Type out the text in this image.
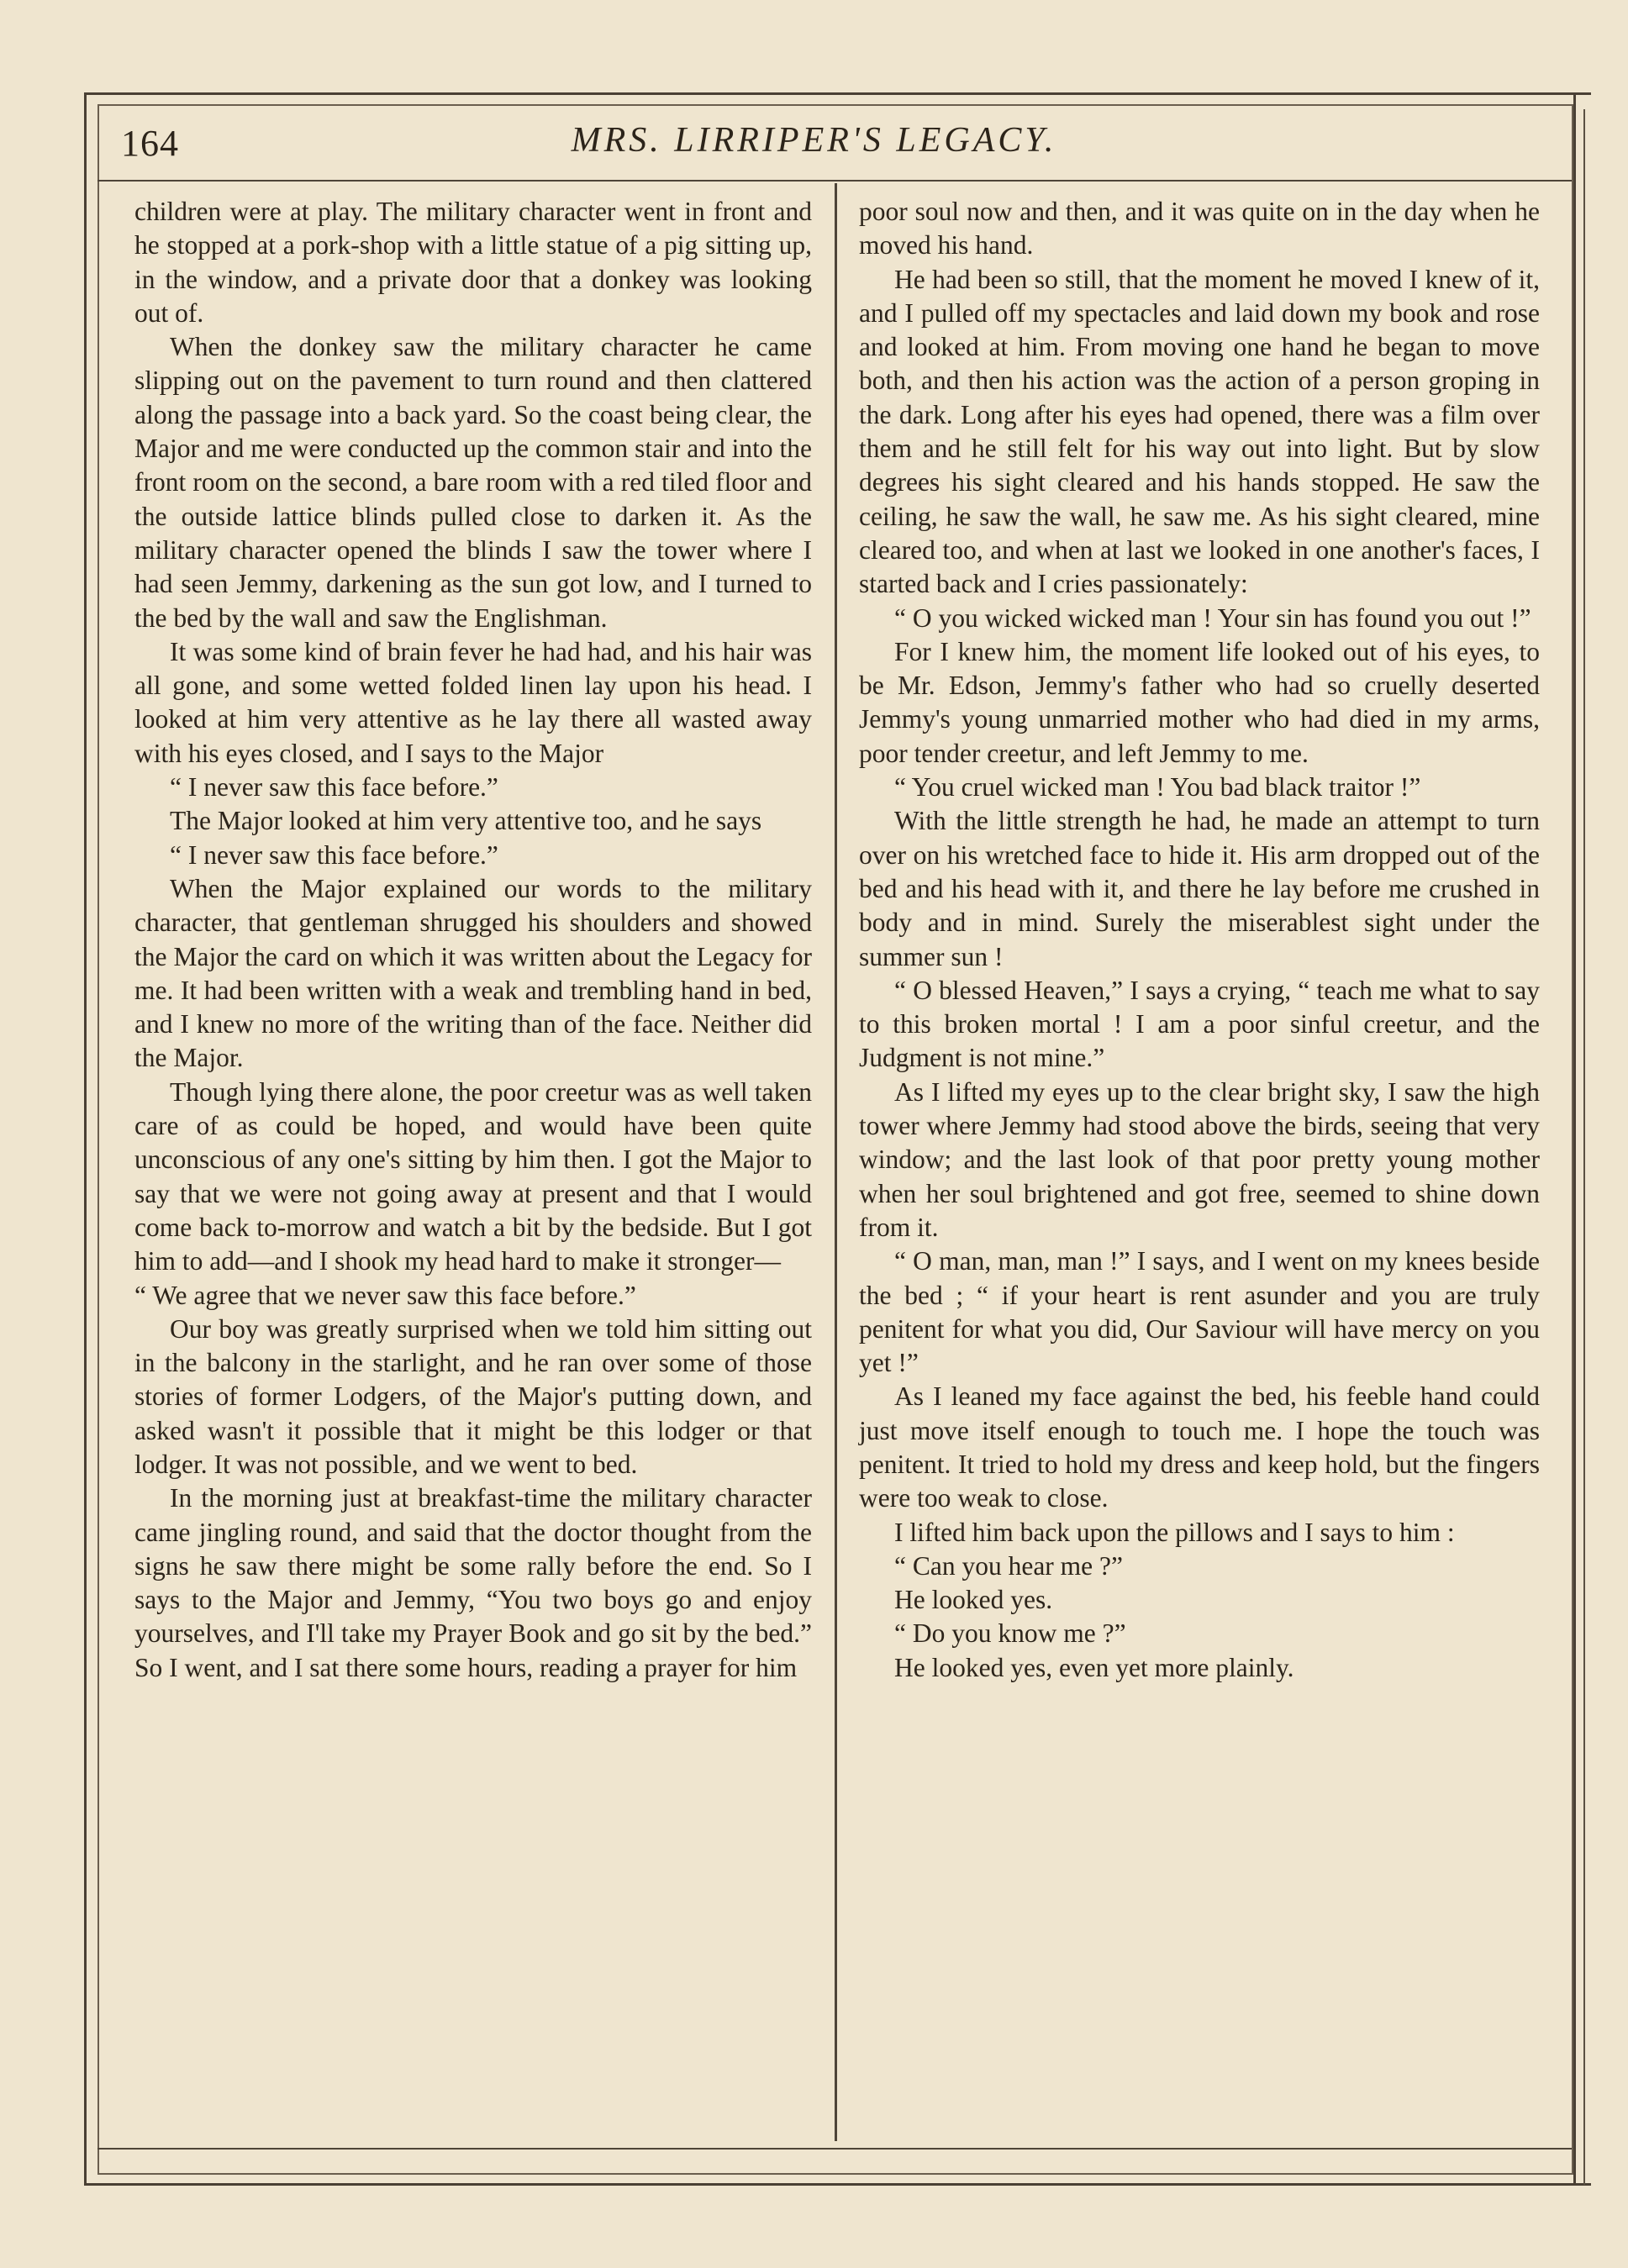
164	MRS. LIRRIPER'S LEGACY.

children were at play. The military character went in front and he stopped at a pork-shop with a little statue of a pig sitting up, in the window, and a private door that a donkey was looking out of.

When the donkey saw the military character he came slipping out on the pavement to turn round and then clattered along the passage into a back yard. So the coast being clear, the Major and me were conducted up the common stair and into the front room on the second, a bare room with a red tiled floor and the outside lattice blinds pulled close to darken it. As the military character opened the blinds I saw the tower where I had seen Jemmy, darkening as the sun got low, and I turned to the bed by the wall and saw the Englishman.

It was some kind of brain fever he had had, and his hair was all gone, and some wetted folded linen lay upon his head. I looked at him very attentive as he lay there all wasted away with his eyes closed, and I says to the Major

“ I never saw this face before.”

The Major looked at him very attentive too, and he says

“ I never saw this face before.”

When the Major explained our words to the military character, that gentleman shrugged his shoulders and showed the Major the card on which it was written about the Legacy for me. It had been written with a weak and trembling hand in bed, and I knew no more of the writing than of the face. Neither did the Major.

Though lying there alone, the poor creetur was as well taken care of as could be hoped, and would have been quite unconscious of any one's sitting by him then. I got the Major to say that we were not going away at present and that I would come back to-morrow and watch a bit by the bedside. But I got him to add—and I shook my head hard to make it stronger—

“ We agree that we never saw this face before.”

Our boy was greatly surprised when we told him sitting out in the balcony in the starlight, and he ran over some of those stories of former Lodgers, of the Major's putting down, and asked wasn't it possible that it might be this lodger or that lodger. It was not possible, and we went to bed.

In the morning just at breakfast-time the military character came jingling round, and said that the doctor thought from the signs he saw there might be some rally before the end. So I says to the Major and Jemmy, “You two boys go and enjoy yourselves, and I'll take my Prayer Book and go sit by the bed.” So I went, and I sat there some hours, reading a prayer for him

poor soul now and then, and it was quite on in the day when he moved his hand.

He had been so still, that the moment he moved I knew of it, and I pulled off my spectacles and laid down my book and rose and looked at him. From moving one hand he began to move both, and then his action was the action of a person groping in the dark. Long after his eyes had opened, there was a film over them and he still felt for his way out into light. But by slow degrees his sight cleared and his hands stopped. He saw the ceiling, he saw the wall, he saw me. As his sight cleared, mine cleared too, and when at last we looked in one another's faces, I started back and I cries passionately:

“ O you wicked wicked man ! Your sin has found you out !”

For I knew him, the moment life looked out of his eyes, to be Mr. Edson, Jemmy's father who had so cruelly deserted Jemmy's young unmarried mother who had died in my arms, poor tender creetur, and left Jemmy to me.

“ You cruel wicked man ! You bad black traitor !”

With the little strength he had, he made an attempt to turn over on his wretched face to hide it. His arm dropped out of the bed and his head with it, and there he lay before me crushed in body and in mind. Surely the miserablest sight under the summer sun !

“ O blessed Heaven,” I says a crying, “ teach me what to say to this broken mortal ! I am a poor sinful creetur, and the Judgment is not mine.”

As I lifted my eyes up to the clear bright sky, I saw the high tower where Jemmy had stood above the birds, seeing that very window; and the last look of that poor pretty young mother when her soul brightened and got free, seemed to shine down from it.

“ O man, man, man !” I says, and I went on my knees beside the bed ; “ if your heart is rent asunder and you are truly penitent for what you did, Our Saviour will have mercy on you yet !”

As I leaned my face against the bed, his feeble hand could just move itself enough to touch me. I hope the touch was penitent. It tried to hold my dress and keep hold, but the fingers were too weak to close.

I lifted him back upon the pillows and I says to him :

“ Can you hear me ?”

He looked yes.

“ Do you know me ?”

He looked yes, even yet more plainly.
